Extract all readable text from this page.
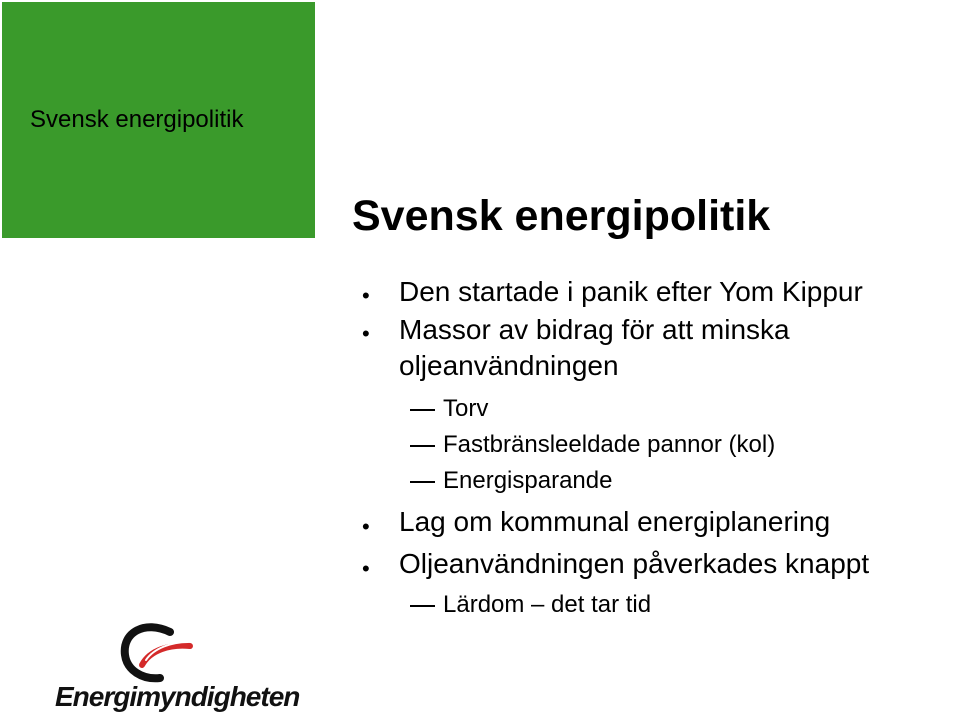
Svensk energipolitik
Svensk energipolitik
• Den startade i panik efter Yom Kippur
• Massor av bidrag för att minska
oljeanvändningen
Torv
Fastbränsleeldade pannor (kol)
Energisparande
• Lag om kommunal energiplanering
• Oljeanvändningen påverkades knappt
Lärdom – det tar tid
Energimyndigheten
